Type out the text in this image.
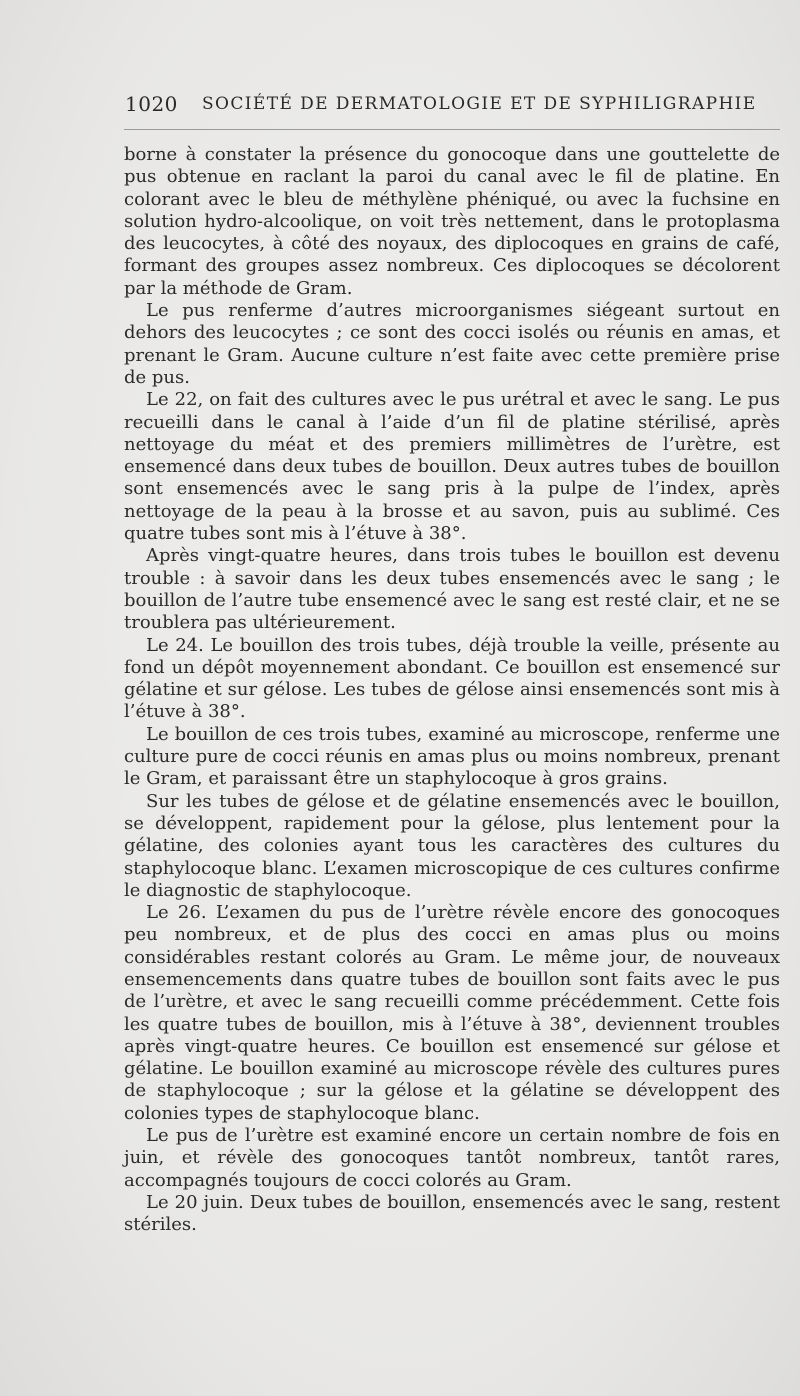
1020 SOCIÉTÉ DE DERMATOLOGIE ET DE SYPHILIGRAPHIE

borne à constater la présence du gonocoque dans une gouttelette de pus obtenue en raclant la paroi du canal avec le fil de platine. En colorant avec le bleu de méthylène phéniqué, ou avec la fuchsine en solution hydro-alcoolique, on voit très nettement, dans le protoplasma des leucocytes, à côté des noyaux, des diplocoques en grains de café, formant des groupes assez nombreux. Ces diplocoques se décolorent par la méthode de Gram.

Le pus renferme d’autres microorganismes siégeant surtout en dehors des leucocytes ; ce sont des cocci isolés ou réunis en amas, et prenant le Gram. Aucune culture n’est faite avec cette première prise de pus.

Le 22, on fait des cultures avec le pus urétral et avec le sang. Le pus recueilli dans le canal à l’aide d’un fil de platine stérilisé, après nettoyage du méat et des premiers millimètres de l’urètre, est ensemencé dans deux tubes de bouillon. Deux autres tubes de bouillon sont ensemencés avec le sang pris à la pulpe de l’index, après nettoyage de la peau à la brosse et au savon, puis au sublimé. Ces quatre tubes sont mis à l’étuve à 38°.

Après vingt-quatre heures, dans trois tubes le bouillon est devenu trouble : à savoir dans les deux tubes ensemencés avec le sang ; le bouillon de l’autre tube ensemencé avec le sang est resté clair, et ne se troublera pas ultérieurement.

Le 24. Le bouillon des trois tubes, déjà trouble la veille, présente au fond un dépôt moyennement abondant. Ce bouillon est ensemencé sur gélatine et sur gélose. Les tubes de gélose ainsi ensemencés sont mis à l’étuve à 38°.

Le bouillon de ces trois tubes, examiné au microscope, renferme une culture pure de cocci réunis en amas plus ou moins nombreux, prenant le Gram, et paraissant être un staphylocoque à gros grains.

Sur les tubes de gélose et de gélatine ensemencés avec le bouillon, se développent, rapidement pour la gélose, plus lentement pour la gélatine, des colonies ayant tous les caractères des cultures du staphylocoque blanc. L’examen microscopique de ces cultures confirme le diagnostic de staphylocoque.

Le 26. L’examen du pus de l’urètre révèle encore des gonocoques peu nombreux, et de plus des cocci en amas plus ou moins considérables restant colorés au Gram. Le même jour, de nouveaux ensemencements dans quatre tubes de bouillon sont faits avec le pus de l’urètre, et avec le sang recueilli comme précédemment. Cette fois les quatre tubes de bouillon, mis à l’étuve à 38°, deviennent troubles après vingt-quatre heures. Ce bouillon est ensemencé sur gélose et gélatine. Le bouillon examiné au microscope révèle des cultures pures de staphylocoque ; sur la gélose et la gélatine se développent des colonies types de staphylocoque blanc.

Le pus de l’urètre est examiné encore un certain nombre de fois en juin, et révèle des gonocoques tantôt nombreux, tantôt rares, accompagnés toujours de cocci colorés au Gram.

Le 20 juin. Deux tubes de bouillon, ensemencés avec le sang, restent stériles.
